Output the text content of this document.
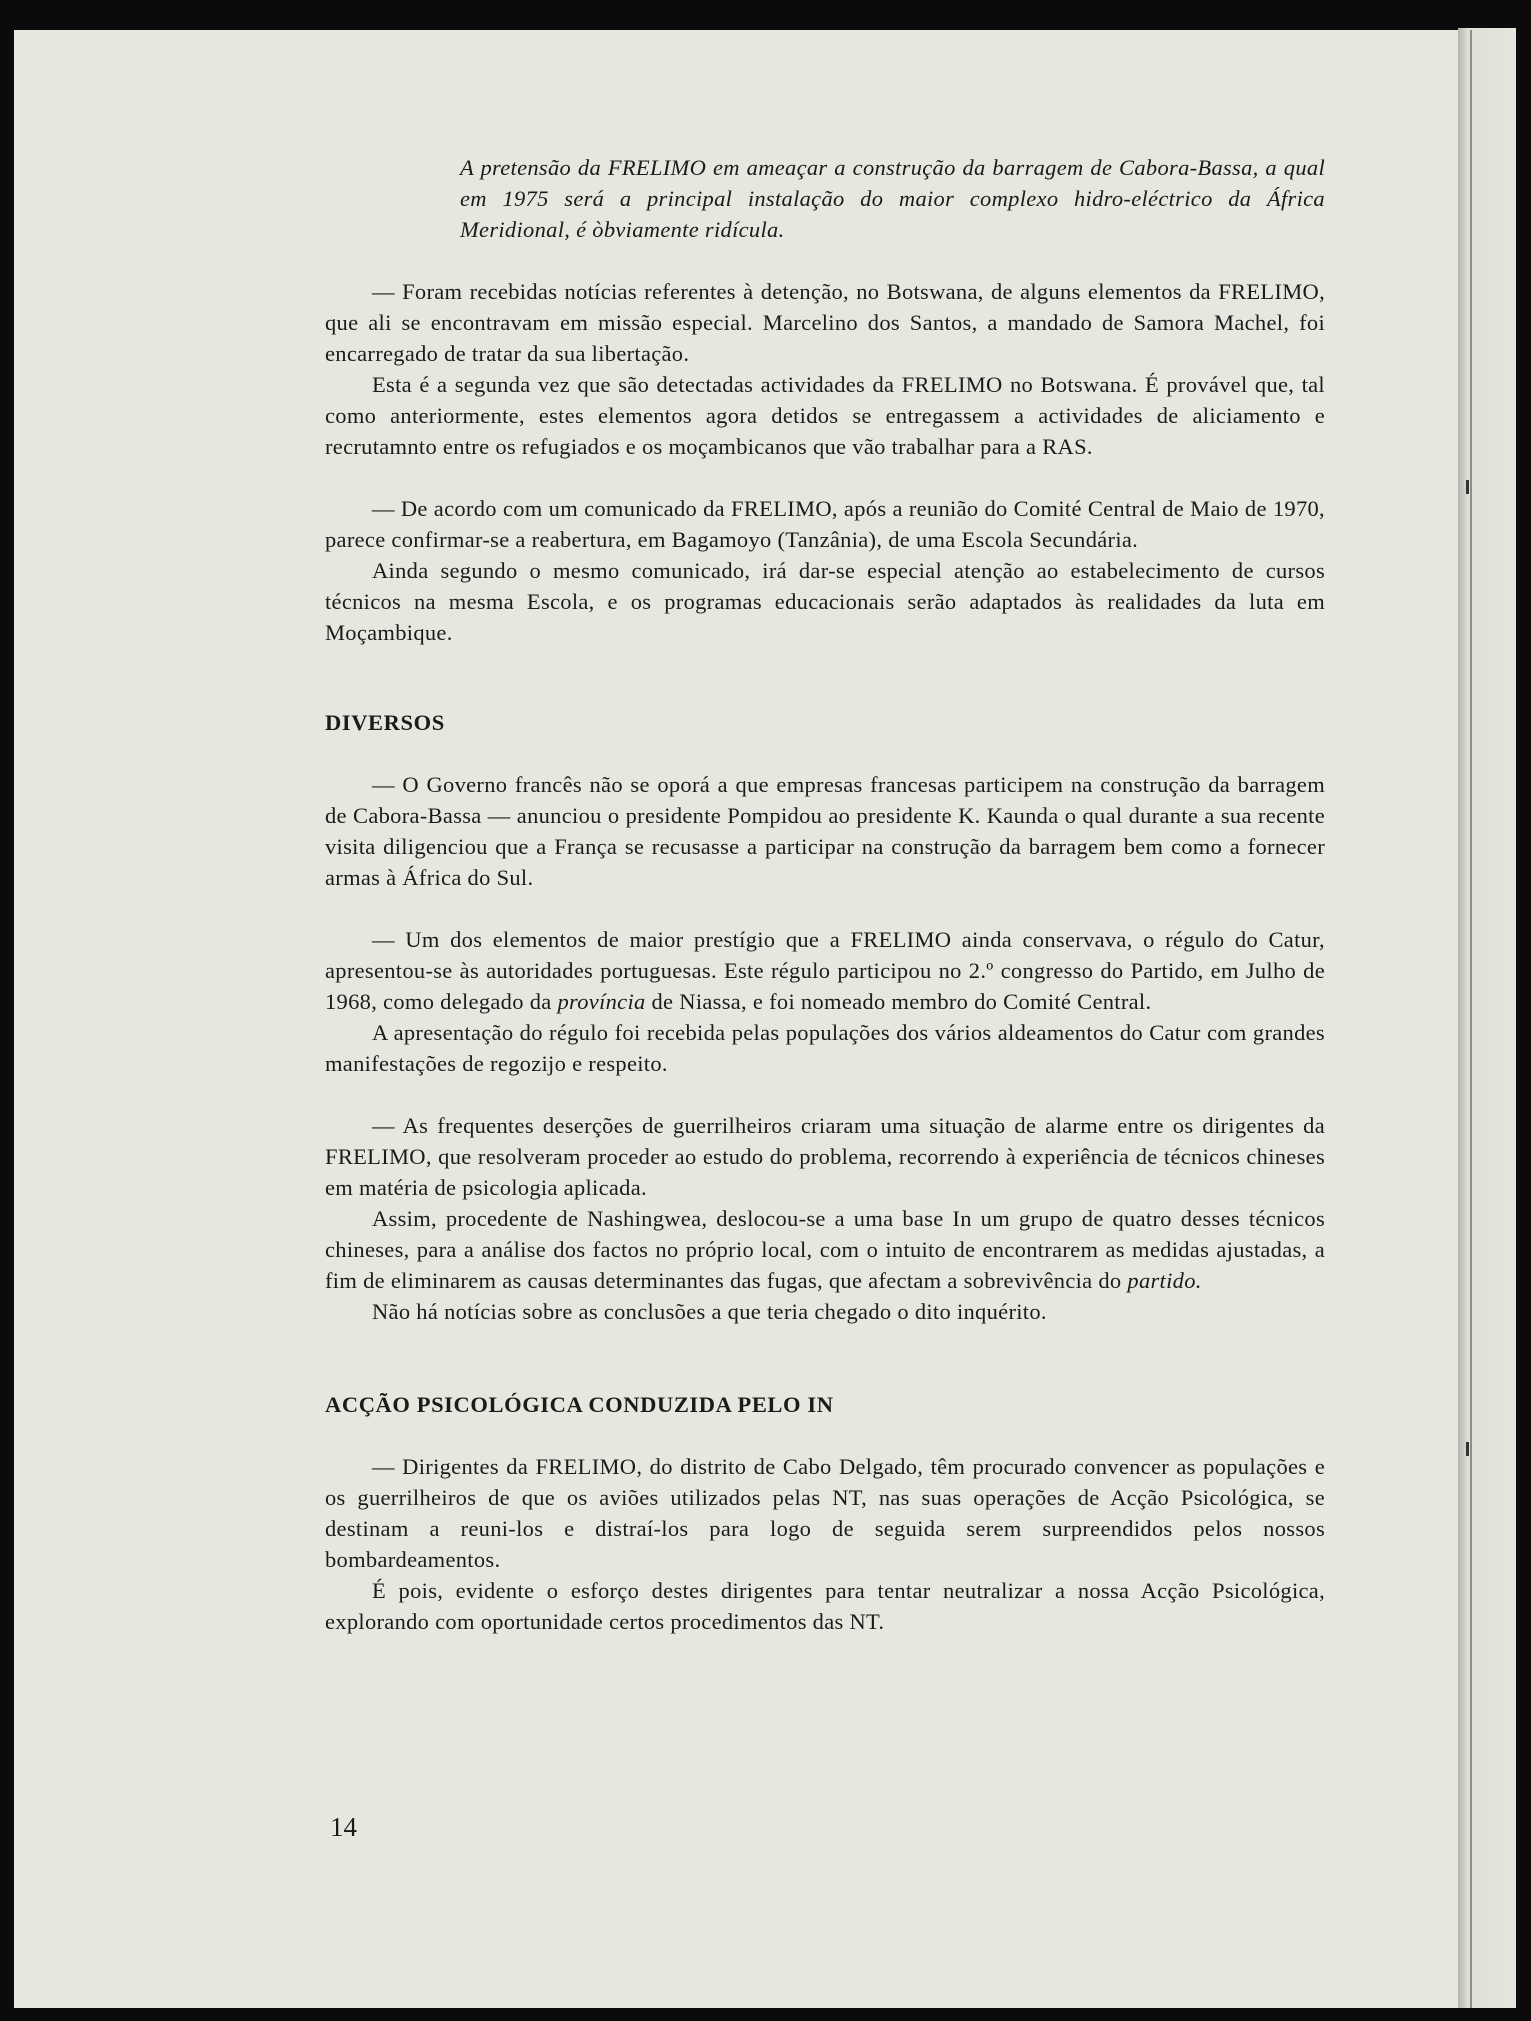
A pretensão da FRELIMO em ameaçar a construção da barragem de Cabora-Bassa, a qual em 1975 será a principal instalação do maior complexo hidro-eléctrico da África Meridional, é òbviamente ridícula.

— Foram recebidas notícias referentes à detenção, no Botswana, de alguns elementos da FRELIMO, que ali se encontravam em missão especial. Marcelino dos Santos, a mandado de Samora Machel, foi encarregado de tratar da sua libertação.

Esta é a segunda vez que são detectadas actividades da FRELIMO no Botswana. É provável que, tal como anteriormente, estes elementos agora detidos se entregassem a actividades de aliciamento e recrutamnto entre os refugiados e os moçambicanos que vão trabalhar para a RAS.

— De acordo com um comunicado da FRELIMO, após a reunião do Comité Central de Maio de 1970, parece confirmar-se a reabertura, em Bagamoyo (Tanzânia), de uma Escola Secundária.

Ainda segundo o mesmo comunicado, irá dar-se especial atenção ao estabelecimento de cursos técnicos na mesma Escola, e os programas educacionais serão adaptados às realidades da luta em Moçambique.

DIVERSOS

— O Governo francês não se oporá a que empresas francesas participem na construção da barragem de Cabora-Bassa — anunciou o presidente Pompidou ao presidente K. Kaunda o qual durante a sua recente visita diligenciou que a França se recusasse a participar na construção da barragem bem como a fornecer armas à África do Sul.

— Um dos elementos de maior prestígio que a FRELIMO ainda conservava, o régulo do Catur, apresentou-se às autoridades portuguesas. Este régulo participou no 2.º congresso do Partido, em Julho de 1968, como delegado da província de Niassa, e foi nomeado membro do Comité Central.

A apresentação do régulo foi recebida pelas populações dos vários aldeamentos do Catur com grandes manifestações de regozijo e respeito.

— As frequentes deserções de guerrilheiros criaram uma situação de alarme entre os dirigentes da FRELIMO, que resolveram proceder ao estudo do problema, recorrendo à experiência de técnicos chineses em matéria de psicologia aplicada.

Assim, procedente de Nashingwea, deslocou-se a uma base In um grupo de quatro desses técnicos chineses, para a análise dos factos no próprio local, com o intuito de encontrarem as medidas ajustadas, a fim de eliminarem as causas determinantes das fugas, que afectam a sobrevivência do partido.

Não há notícias sobre as conclusões a que teria chegado o dito inquérito.

ACÇÃO PSICOLÓGICA CONDUZIDA PELO IN

— Dirigentes da FRELIMO, do distrito de Cabo Delgado, têm procurado convencer as populações e os guerrilheiros de que os aviões utilizados pelas NT, nas suas operações de Acção Psicológica, se destinam a reuni-los e distraí-los para logo de seguida serem surpreendidos pelos nossos bombardeamentos.

É pois, evidente o esforço destes dirigentes para tentar neutralizar a nossa Acção Psicológica, explorando com oportunidade certos procedimentos das NT.

14
